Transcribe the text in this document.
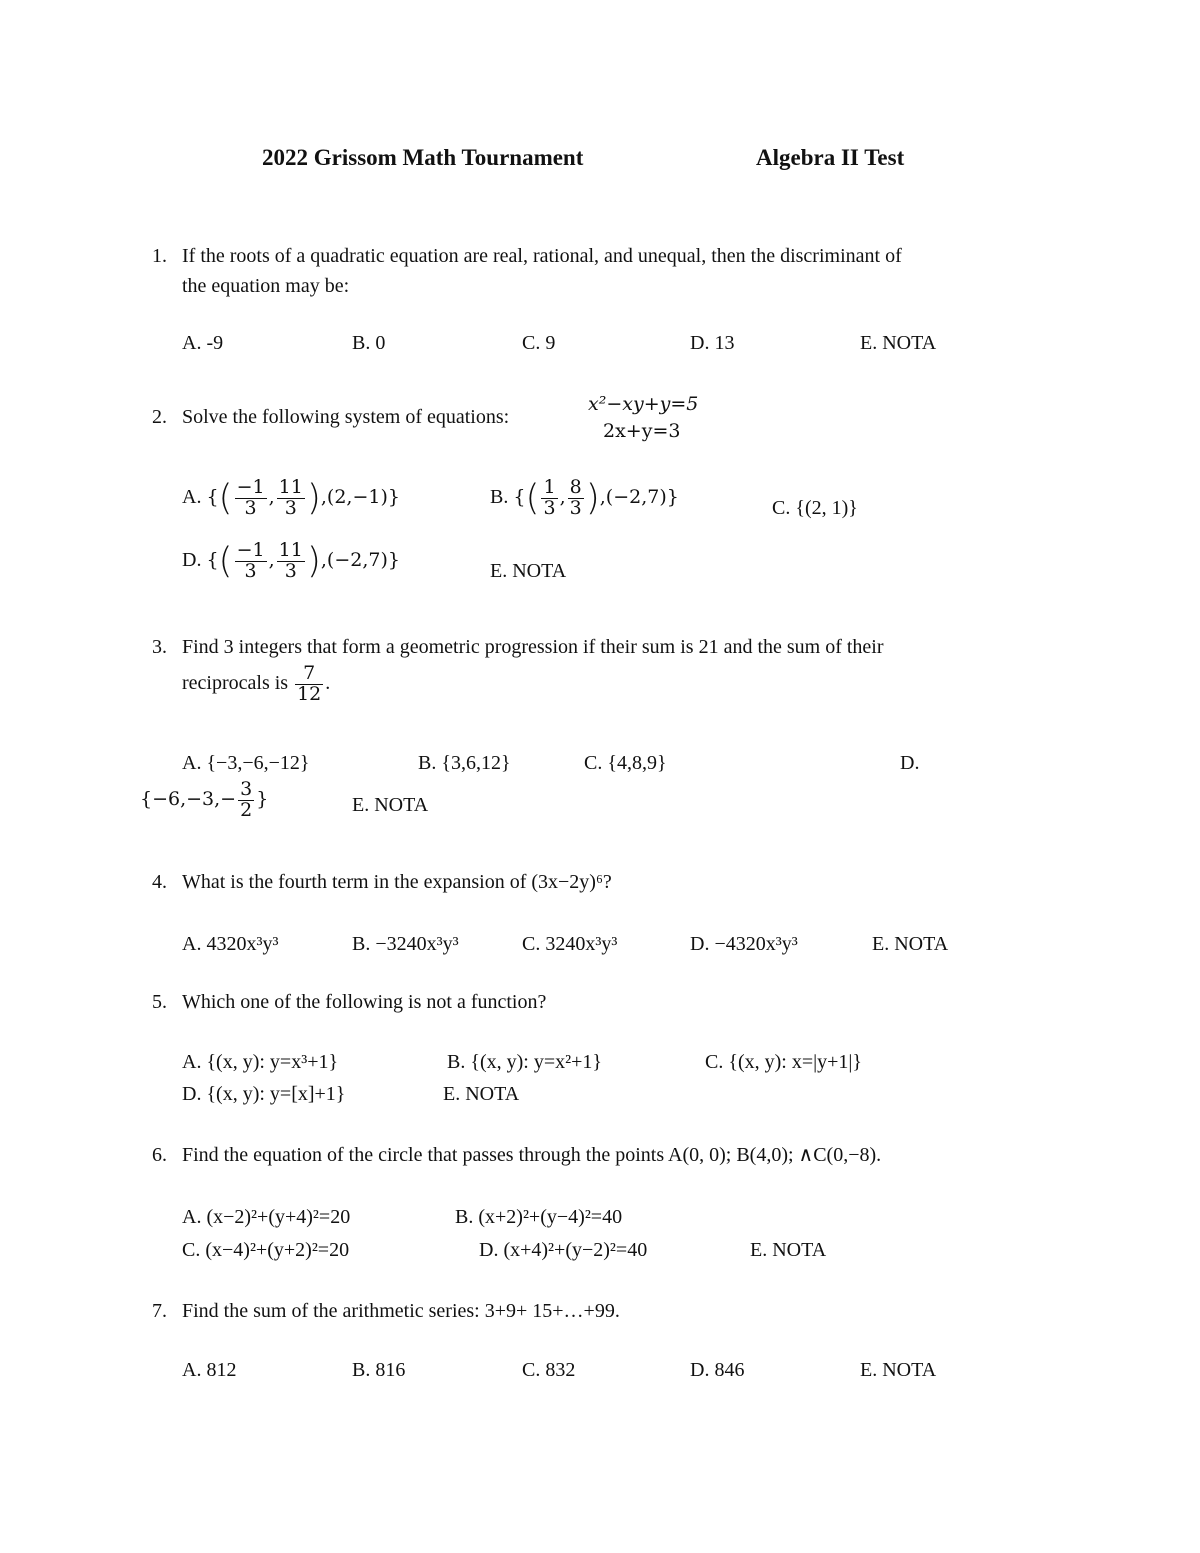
2022 Grissom Math Tournament	Algebra II Test
1. If the roots of a quadratic equation are real, rational, and unequal, then the discriminant of
the equation may be:
A. -9	B. 0	C. 9	D. 13	E. NOTA
2. Solve the following system of equations:
x²−xy+y=5
2x+y=3
A. {( $\frac{-1}{3}$ , $\frac{11}{3} ),(2,-1)$}	B. {( $\frac{1}{3}$ , $\frac{8}{3} ),(-2,7)$}	C. {(2, 1)}
D. {( $\frac{-1}{3}$ , $\frac{11}{3} ),(-2,7)$}	E. NOTA
3. Find 3 integers that form a geometric progression if their sum is 21 and the sum of their
reciprocals is $\frac{7}{12}$ .
A. {−3,−6,−12}	B. {3,6,12}	C. {4,8,9}	D.
{$-6,-3,- \frac{3}{2}$ }	E. NOTA
4. What is the fourth term in the expansion of (3x−2y)⁶?
A. 4320x³y³	B. −3240x³y³	C. 3240x³y³	D. −4320x³y³	E. NOTA
5. Which one of the following is not a function?
A. {(x, y): y=x³+1}	B. {(x, y): y=x²+1}	C. {(x, y): x=|y+1|}
D. {(x, y): y=[x]+1}	E. NOTA
6. Find the equation of the circle that passes through the points A(0, 0); B(4,0); ∧C(0,−8).
A. (x−2)²+(y+4)²=20	B. (x+2)²+(y−4)²=40
C. (x−4)²+(y+2)²=20	D. (x+4)²+(y−2)²=40	E. NOTA
7. Find the sum of the arithmetic series: 3+9+ 15+…+99.
A. 812	B. 816	C. 832	D. 846	E. NOTA
